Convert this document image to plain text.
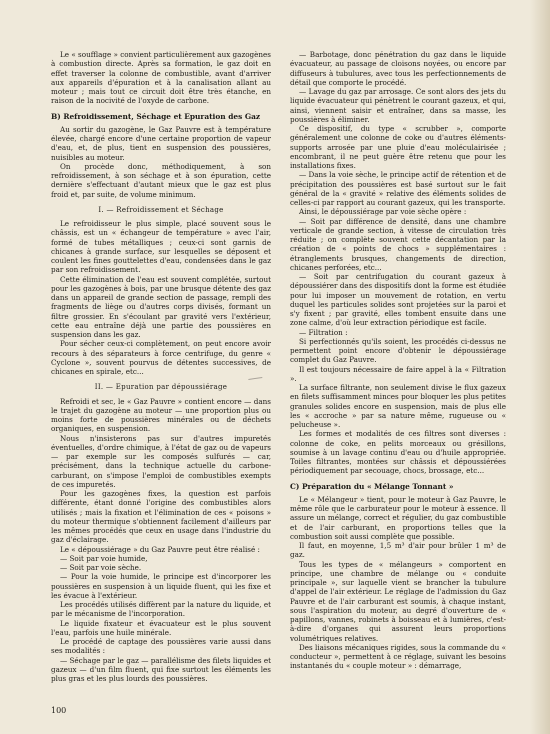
Le « soufflage » convient particulièrement aux gazogènes à combustion directe. Après sa formation, le gaz doit en effet traverser la colonne de combustible, avant d'arriver aux appareils d'épuration et à la canalisation allant au moteur ; mais tout ce circuit doit être très étanche, en raison de la nocivité de l'oxyde de carbone.

B) Refroidissement, Séchage et Epuration des Gaz

Au sortir du gazogène, le Gaz Pauvre est à température élevée, chargé encore d'une certaine proportion de vapeur d'eau, et, de plus, tient en suspension des poussières, nuisibles au moteur.

On procède donc, méthodiquement, à son refroidissement, à son séchage et à son épuration, cette dernière s'effectuant d'autant mieux que le gaz est plus froid et, par suite, de volume minimum.

I. — Refroidissement et Séchage

Le refroidisseur le plus simple, placé souvent sous le châssis, est un « échangeur de température » avec l'air, formé de tubes métalliques ; ceux-ci sont garnis de chicanes à grande surface, sur lesquelles se déposent et coulent les fines gouttelettes d'eau, condensées dans le gaz par son refroidissement.

Cette élimination de l'eau est souvent complétée, surtout pour les gazogènes à bois, par une brusque détente des gaz dans un appareil de grande section de passage, rempli des fragments de liège ou d'autres corps divisés, formant un filtre grossier. En s'écoulant par gravité vers l'extérieur, cette eau entraîne déjà une partie des poussières en suspension dans les gaz.

Pour sécher ceux-ci complètement, on peut encore avoir recours à des séparateurs à force centrifuge, du genre « Cyclone », souvent pourvus de détentes successives, de chicanes en spirale, etc...

II. — Epuration par dépoussiérage

Refroidi et sec, le « Gaz Pauvre » contient encore — dans le trajet du gazogène au moteur — une proportion plus ou moins forte de poussières minérales ou de déchets organiques, en suspension.

Nous n'insisterons pas sur d'autres impuretés éventuelles, d'ordre chimique, à l'état de gaz ou de vapeurs — par exemple sur les composés sulfurés — car, précisément, dans la technique actuelle du carbone-carburant, on s'impose l'emploi de combustibles exempts de ces impuretés.

Pour les gazogènes fixes, la question est parfois différente, étant donné l'origine des combustibles alors utilisés ; mais la fixation et l'élimination de ces « poisons » du moteur thermique s'obtiennent facilement d'ailleurs par les mêmes procédés que ceux en usage dans l'industrie du gaz d'éclairage.

Le « dépoussiérage » du Gaz Pauvre peut être réalisé :

— Soit par voie humide,

— Soit par voie sèche.

— Pour la voie humide, le principe est d'incorporer les poussières en suspension à un liquide fluent, qui les fixe et les évacue à l'extérieur.

Les procédés utilisés diffèrent par la nature du liquide, et par le mécanisme de l'incorporation.

Le liquide fixateur et évacuateur est le plus souvent l'eau, parfois une huile minérale.

Le procédé de captage des poussières varie aussi dans ses modalités :

— Séchage par le gaz — parallélisme des filets liquides et gazeux — d'un film fluent, qui fixe surtout les éléments les plus gras et les plus lourds des poussières.

— Barbotage, donc pénétration du gaz dans le liquide évacuateur, au passage de cloisons noyées, ou encore par diffuseurs à tubulures, avec tous les perfectionnements de détail que comporte le procédé.

— Lavage du gaz par arrosage. Ce sont alors des jets du liquide évacuateur qui pénètrent le courant gazeux, et qui, ainsi, viennent saisir et entraîner, dans sa masse, les poussières à éliminer.

Ce dispositif, du type « scrubber », comporte généralement une colonne de coke ou d'autres éléments-supports arrosée par une pluie d'eau moléculairisée ; encombrant, il ne peut guère être retenu que pour les installations fixes.

— Dans la voie sèche, le principe actif de rétention et de précipitation des poussières est basé surtout sur le fait général de la « gravité » relative des éléments solides de celles-ci par rapport au courant gazeux, qui les transporte.

Ainsi, le dépoussiérage par voie sèche opère :

— Soit par différence de densité, dans une chambre verticale de grande section, à vitesse de circulation très réduite ; on complète souvent cette décantation par la création de « points de chocs » supplémentaires : étranglements brusques, changements de direction, chicanes perforées, etc...

— Soit par centrifugation du courant gazeux à dépoussiérer dans des dispositifs dont la forme est étudiée pour lui imposer un mouvement de rotation, en vertu duquel les particules solides sont projetées sur la paroi et s'y fixent ; par gravité, elles tombent ensuite dans une zone calme, d'où leur extraction périodique est facile.

— Filtration :

Si perfectionnés qu'ils soient, les procédés ci-dessus ne permettent point encore d'obtenir le dépoussiérage complet du Gaz Pauvre.

Il est toujours nécessaire de faire appel à la « Filtration ».

La surface filtrante, non seulement divise le flux gazeux en filets suffisamment minces pour bloquer les plus petites granules solides encore en suspension, mais de plus elle les « accroche » par sa nature même, rugueuse ou « pelucheuse ».

Les formes et modalités de ces filtres sont diverses : colonne de coke, en pelits morceaux ou grésillons, soumise à un lavage continu d'eau ou d'huile appropriée. Toiles filtrantes, montées sur châssis et dépoussiérées périodiquement par secouage, chocs, brossage, etc...

C) Préparation du « Mélange Tonnant »

Le « Mélangeur » tient, pour le moteur à Gaz Pauvre, le même rôle que le carburateur pour le moteur à essence. Il assure un mélange, correct et régulier, du gaz combustible et de l'air carburant, en proportions telles que la combustion soit aussi complète que possible.

Il faut, en moyenne, 1,5 m³ d'air pour brûler 1 m³ de gaz.

Tous les types de « mélangeurs » comportent en principe, une chambre de mélange ou « conduite principale », sur laquelle vient se brancher la tubulure d'appel de l'air extérieur. Le réglage de l'admission du Gaz Pauvre et de l'air carburant est soumis, à chaque instant, sous l'aspiration du moteur, au degré d'ouverture de « papillons, vannes, robinets à boisseau et à lumières, c'est-à-dire d'organes qui assurent leurs proportions volumétriques relatives.

Des liaisons mécaniques rigides, sous la commande du « conducteur », permettent à ce réglage, suivant les besoins instantanés du « couple moteur » : démarrage,

100
